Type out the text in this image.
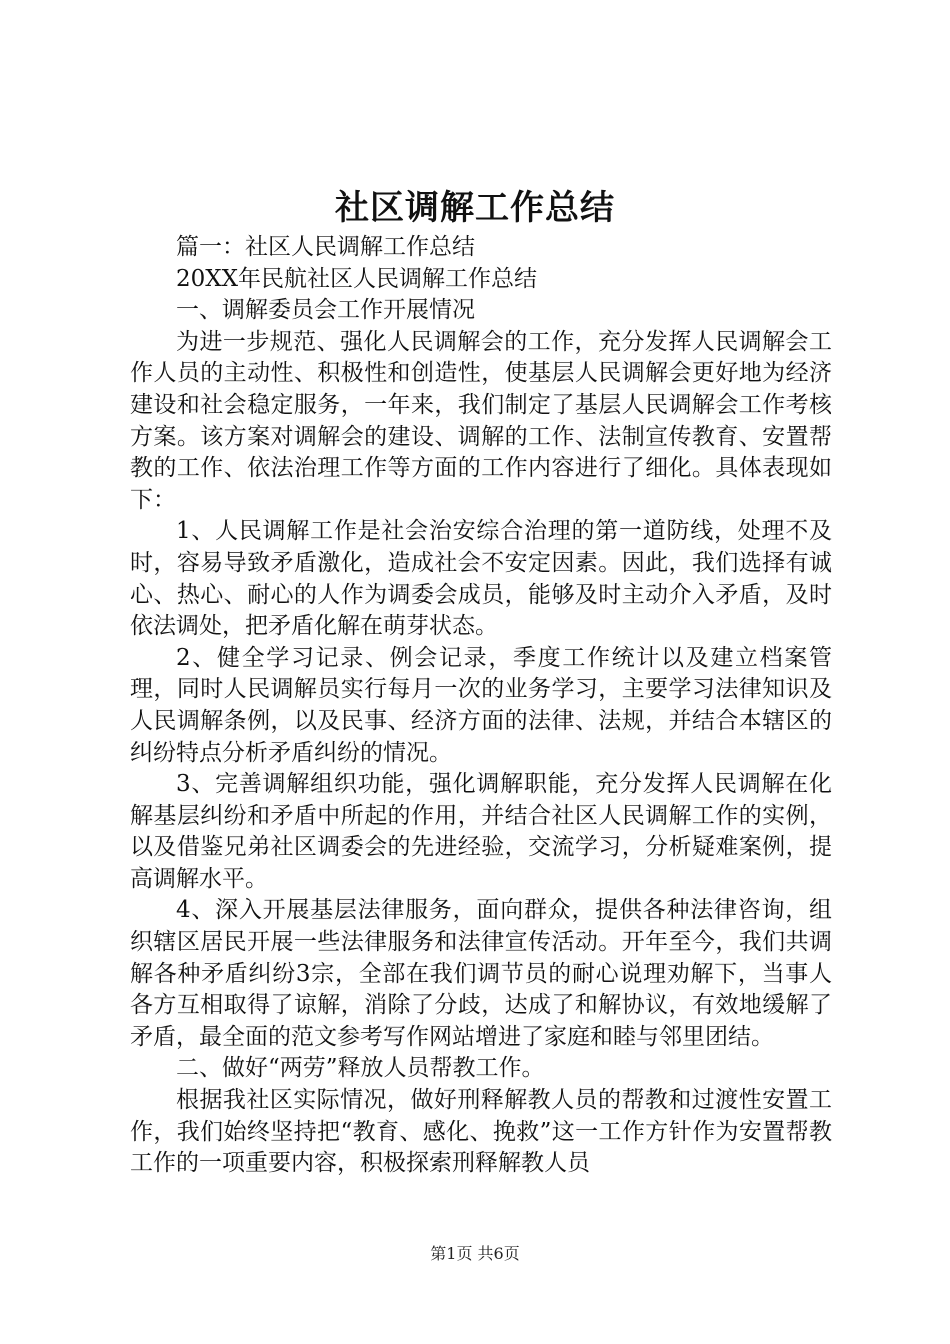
社区调解工作总结

篇一：社区人民调解工作总结

20XX年民航社区人民调解工作总结

一、调解委员会工作开展情况

为进一步规范、强化人民调解会的工作，充分发挥人民调解会工作人员的主动性、积极性和创造性，使基层人民调解会更好地为经济建设和社会稳定服务，一年来，我们制定了基层人民调解会工作考核方案。该方案对调解会的建设、调解的工作、法制宣传教育、安置帮教的工作、依法治理工作等方面的工作内容进行了细化。具体表现如下：

1、人民调解工作是社会治安综合治理的第一道防线，处理不及时，容易导致矛盾激化，造成社会不安定因素。因此，我们选择有诚心、热心、耐心的人作为调委会成员，能够及时主动介入矛盾，及时依法调处，把矛盾化解在萌芽状态。

2、健全学习记录、例会记录，季度工作统计以及建立档案管理，同时人民调解员实行每月一次的业务学习，主要学习法律知识及人民调解条例，以及民事、经济方面的法律、法规，并结合本辖区的纠纷特点分析矛盾纠纷的情况。

3、完善调解组织功能，强化调解职能，充分发挥人民调解在化解基层纠纷和矛盾中所起的作用，并结合社区人民调解工作的实例，以及借鉴兄弟社区调委会的先进经验，交流学习，分析疑难案例，提高调解水平。

4、深入开展基层法律服务，面向群众，提供各种法律咨询，组织辖区居民开展一些法律服务和法律宣传活动。开年至今，我们共调解各种矛盾纠纷3宗，全部在我们调节员的耐心说理劝解下，当事人各方互相取得了谅解，消除了分歧，达成了和解协议，有效地缓解了矛盾，最全面的范文参考写作网站增进了家庭和睦与邻里团结。

二、做好“两劳”释放人员帮教工作。

根据我社区实际情况，做好刑释解教人员的帮教和过渡性安置工作，我们始终坚持把“教育、感化、挽救”这一工作方针作为安置帮教工作的一项重要内容，积极探索刑释解教人员

第1页 共6页
